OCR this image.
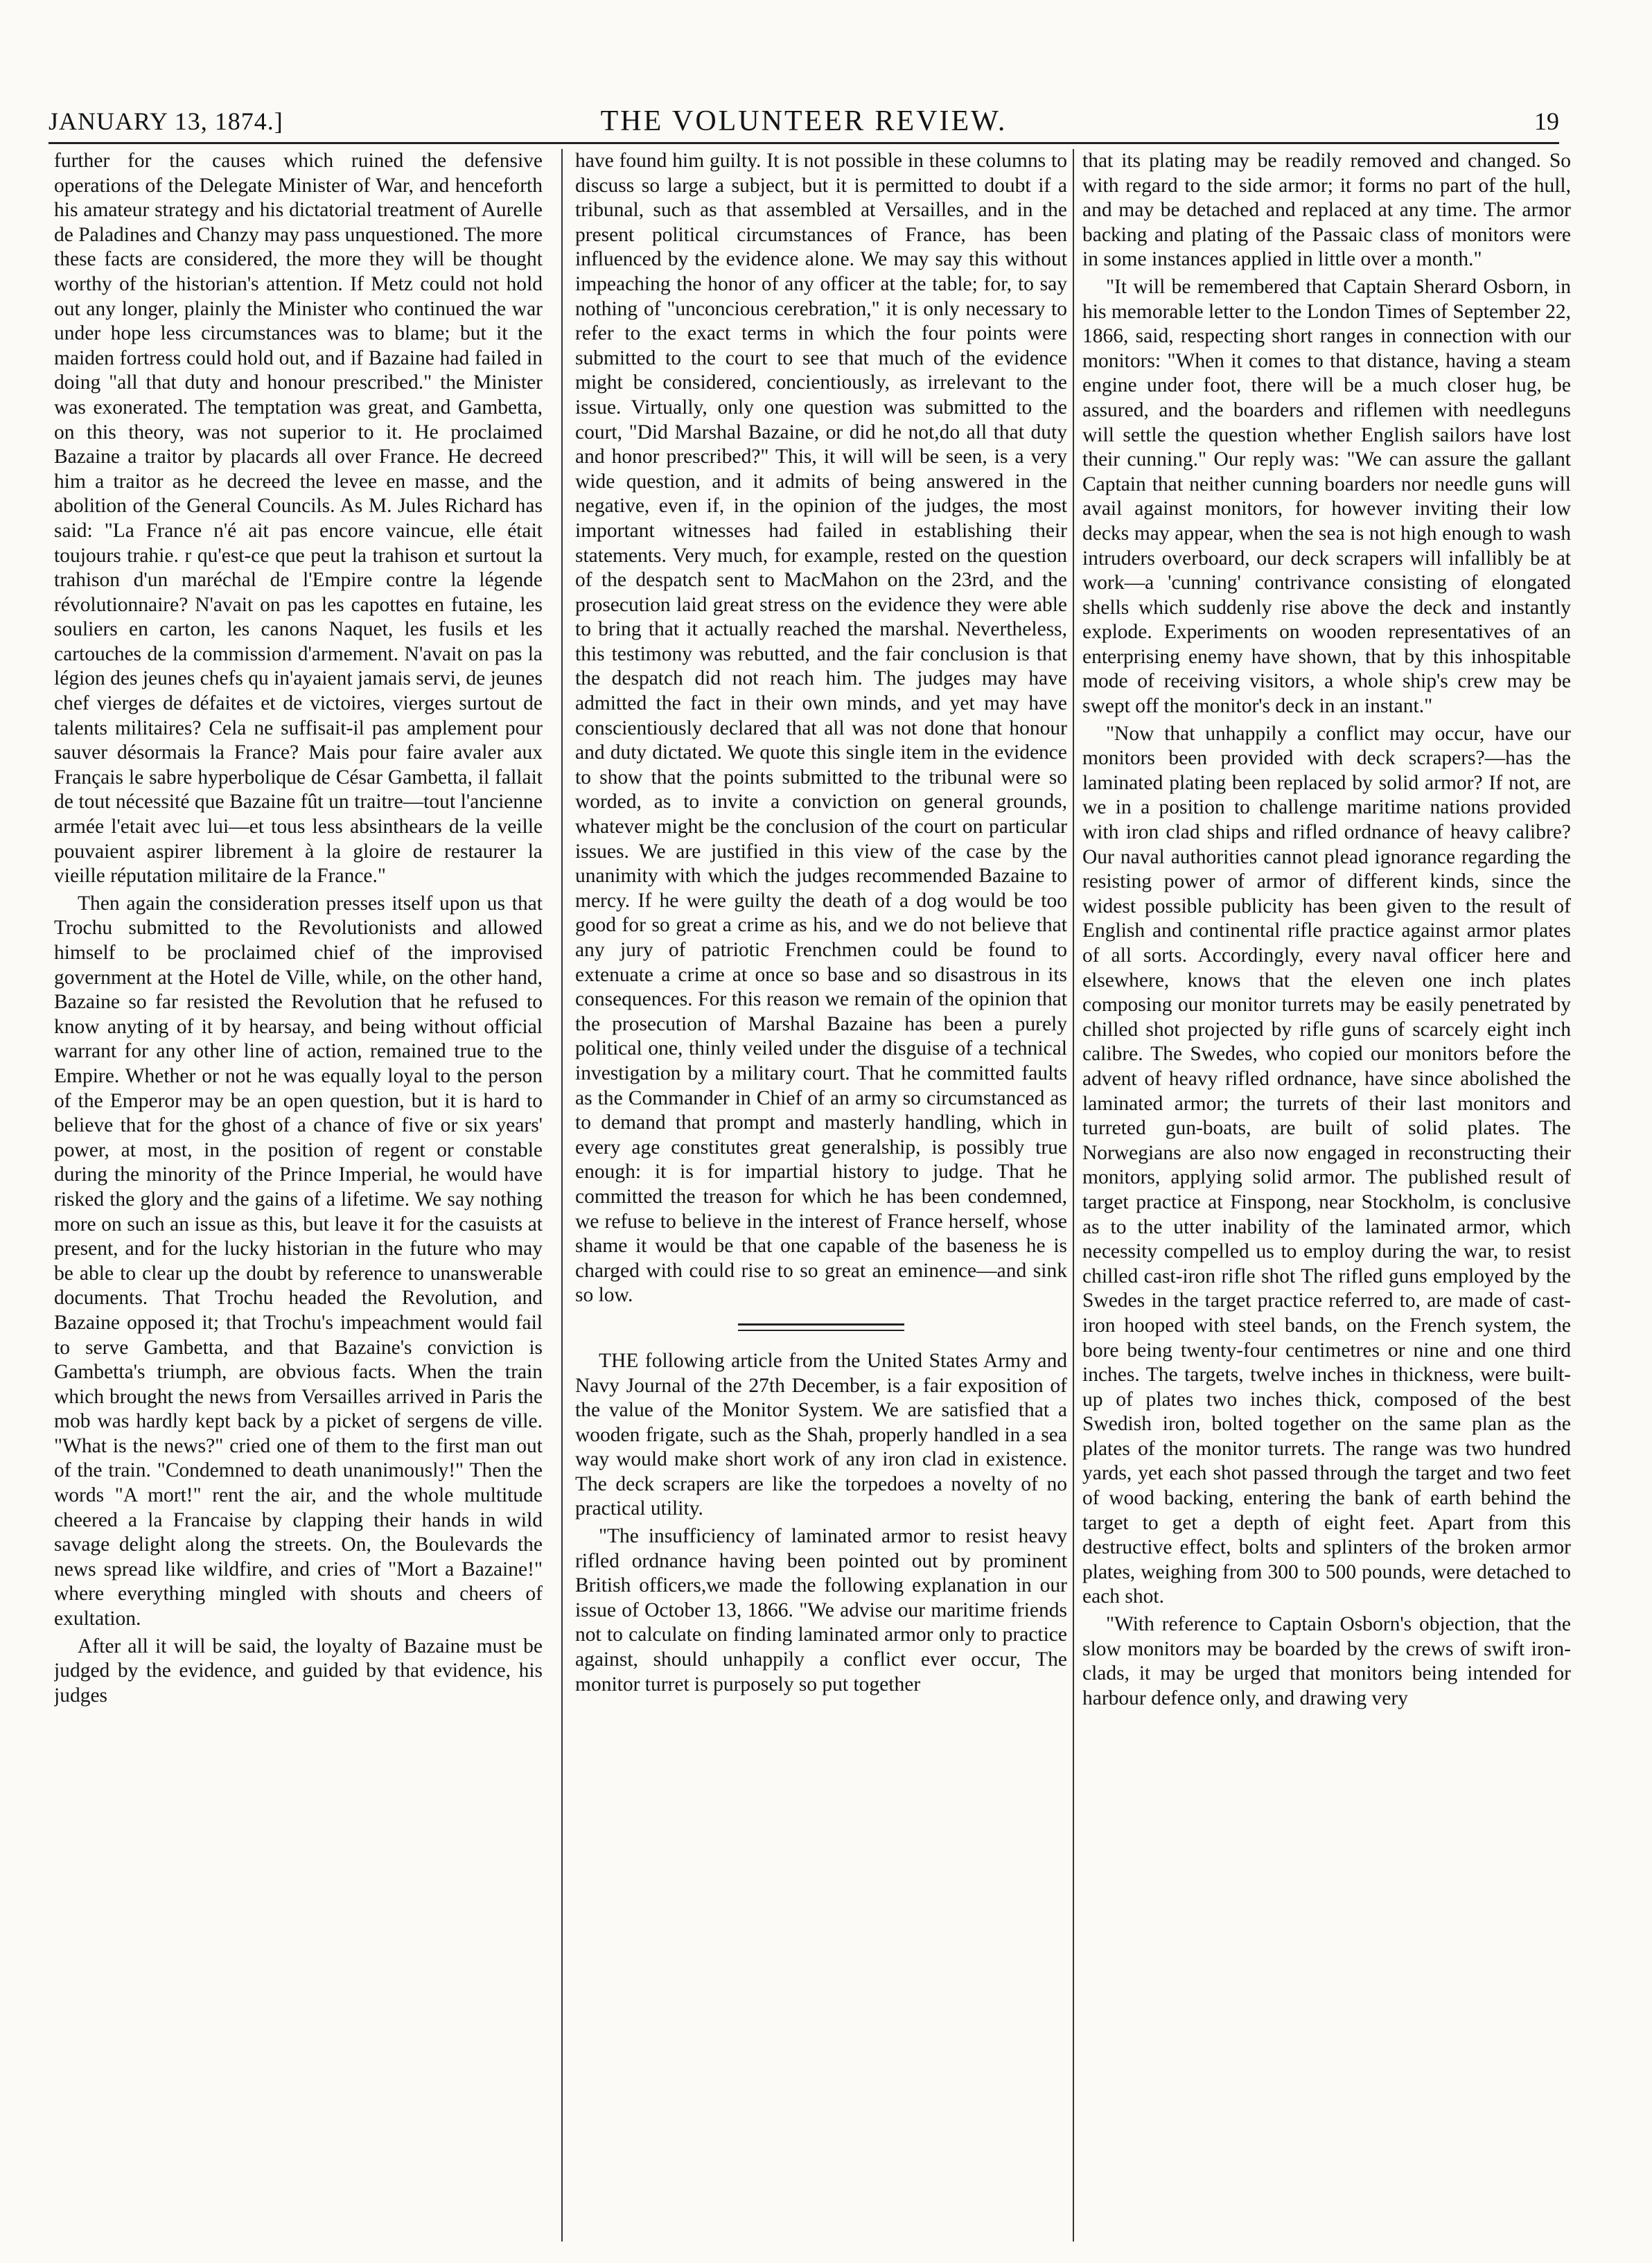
JANUARY 13, 1874.]	THE VOLUNTEER REVIEW.	19

further for the causes which ruined the defensive operations of the Delegate Minister of War, and henceforth his amateur strategy and his dictatorial treatment of Aurelle de Paladines and Chanzy may pass unquestioned. The more these facts are considered, the more they will be thought worthy of the historian's attention. If Metz could not hold out any longer, plainly the Minister who continued the war under hope less circumstances was to blame; but it the maiden fortress could hold out, and if Bazaine had failed in doing "all that duty and honour prescribed." the Minister was exonerated. The temptation was great, and Gambetta, on this theory, was not superior to it. He proclaimed Bazaine a traitor by placards all over France. He decreed him a traitor as he decreed the levee en masse, and the abolition of the General Councils. As M. Jules Richard has said: "La France n'é ait pas encore vaincue, elle était toujours trahie. r qu'est-ce que peut la trahison et surtout la trahison d'un maréchal de l'Empire contre la légende révolutionnaire? N'avait on pas les capottes en futaine, les souliers en carton, les canons Naquet, les fusils et les cartouches de la commission d'armement. N'avait on pas la légion des jeunes chefs qu in'ayaient jamais servi, de jeunes chef vierges de défaites et de victoires, vierges surtout de talents militaires? Cela ne suffisait-il pas amplement pour sauver désormais la France? Mais pour faire avaler aux Français le sabre hyperbolique de César Gambetta, il fallait de tout nécessité que Bazaine fût un traitre—tout l'ancienne armée l'etait avec lui—et tous less absinthears de la veille pouvaient aspirer librement à la gloire de restaurer la vieille réputation militaire de la France."

Then again the consideration presses itself upon us that Trochu submitted to the Revolutionists and allowed himself to be proclaimed chief of the improvised government at the Hotel de Ville, while, on the other hand, Bazaine so far resisted the Revolution that he refused to know anyting of it by hearsay, and being without official warrant for any other line of action, remained true to the Empire. Whether or not he was equally loyal to the person of the Emperor may be an open question, but it is hard to believe that for the ghost of a chance of five or six years' power, at most, in the position of regent or constable during the minority of the Prince Imperial, he would have risked the glory and the gains of a lifetime. We say nothing more on such an issue as this, but leave it for the casuists at present, and for the lucky historian in the future who may be able to clear up the doubt by reference to unanswerable documents. That Trochu headed the Revolution, and Bazaine opposed it; that Trochu's impeachment would fail to serve Gambetta, and that Bazaine's conviction is Gambetta's triumph, are obvious facts. When the train which brought the news from Versailles arrived in Paris the mob was hardly kept back by a picket of sergens de ville. "What is the news?" cried one of them to the first man out of the train. "Condemned to death unanimously!" Then the words "A mort!" rent the air, and the whole multitude cheered a la Francaise by clapping their hands in wild savage delight along the streets. On, the Boulevards the news spread like wildfire, and cries of "Mort a Bazaine!" where everything mingled with shouts and cheers of exultation.

After all it will be said, the loyalty of Bazaine must be judged by the evidence, and guided by that evidence, his judges

have found him guilty. It is not possible in these columns to discuss so large a subject, but it is permitted to doubt if a tribunal, such as that assembled at Versailles, and in the present political circumstances of France, has been influenced by the evidence alone. We may say this without impeaching the honor of any officer at the table; for, to say nothing of "unconcious cerebration," it is only necessary to refer to the exact terms in which the four points were submitted to the court to see that much of the evidence might be considered, concientiously, as irrelevant to the issue. Virtually, only one question was submitted to the court, "Did Marshal Bazaine, or did he not,do all that duty and honor prescribed?" This, it will will be seen, is a very wide question, and it admits of being answered in the negative, even if, in the opinion of the judges, the most important witnesses had failed in establishing their statements. Very much, for example, rested on the question of the despatch sent to MacMahon on the 23rd, and the prosecution laid great stress on the evidence they were able to bring that it actually reached the marshal. Nevertheless, this testimony was rebutted, and the fair conclusion is that the despatch did not reach him. The judges may have admitted the fact in their own minds, and yet may have conscientiously declared that all was not done that honour and duty dictated. We quote this single item in the evidence to show that the points submitted to the tribunal were so worded, as to invite a conviction on general grounds, whatever might be the conclusion of the court on particular issues. We are justified in this view of the case by the unanimity with which the judges recommended Bazaine to mercy. If he were guilty the death of a dog would be too good for so great a crime as his, and we do not believe that any jury of patriotic Frenchmen could be found to extenuate a crime at once so base and so disastrous in its consequences. For this reason we remain of the opinion that the prosecution of Marshal Bazaine has been a purely political one, thinly veiled under the disguise of a technical investigation by a military court. That he committed faults as the Commander in Chief of an army so circumstanced as to demand that prompt and masterly handling, which in every age constitutes great generalship, is possibly true enough: it is for impartial history to judge. That he committed the treason for which he has been condemned, we refuse to believe in the interest of France herself, whose shame it would be that one capable of the baseness he is charged with could rise to so great an eminence—and sink so low.

THE following article from the United States Army and Navy Journal of the 27th December, is a fair exposition of the value of the Monitor System. We are satisfied that a wooden frigate, such as the Shah, properly handled in a sea way would make short work of any iron clad in existence. The deck scrapers are like the torpedoes a novelty of no practical utility.

"The insufficiency of laminated armor to resist heavy rifled ordnance having been pointed out by prominent British officers,we made the following explanation in our issue of October 13, 1866. "We advise our maritime friends not to calculate on finding laminated armor only to practice against, should unhappily a conflict ever occur, The monitor turret is purposely so put together

that its plating may be readily removed and changed. So with regard to the side armor; it forms no part of the hull, and may be detached and replaced at any time. The armor backing and plating of the Passaic class of monitors were in some instances applied in little over a month."

"It will be remembered that Captain Sherard Osborn, in his memorable letter to the London Times of September 22, 1866, said, respecting short ranges in connection with our monitors: "When it comes to that distance, having a steam engine under foot, there will be a much closer hug, be assured, and the boarders and riflemen with needleguns will settle the question whether English sailors have lost their cunning." Our reply was: "We can assure the gallant Captain that neither cunning boarders nor needle guns will avail against monitors, for however inviting their low decks may appear, when the sea is not high enough to wash intruders overboard, our deck scrapers will infallibly be at work—a 'cunning' contrivance consisting of elongated shells which suddenly rise above the deck and instantly explode. Experiments on wooden representatives of an enterprising enemy have shown, that by this inhospitable mode of receiving visitors, a whole ship's crew may be swept off the monitor's deck in an instant."

"Now that unhappily a conflict may occur, have our monitors been provided with deck scrapers?—has the laminated plating been replaced by solid armor? If not, are we in a position to challenge maritime nations provided with iron clad ships and rifled ordnance of heavy calibre? Our naval authorities cannot plead ignorance regarding the resisting power of armor of different kinds, since the widest possible publicity has been given to the result of English and continental rifle practice against armor plates of all sorts. Accordingly, every naval officer here and elsewhere, knows that the eleven one inch plates composing our monitor turrets may be easily penetrated by chilled shot projected by rifle guns of scarcely eight inch calibre. The Swedes, who copied our monitors before the advent of heavy rifled ordnance, have since abolished the laminated armor; the turrets of their last monitors and turreted gun-boats, are built of solid plates. The Norwegians are also now engaged in reconstructing their monitors, applying solid armor. The published result of target practice at Finspong, near Stockholm, is conclusive as to the utter inability of the laminated armor, which necessity compelled us to employ during the war, to resist chilled cast-iron rifle shot The rifled guns employed by the Swedes in the target practice referred to, are made of cast-iron hooped with steel bands, on the French system, the bore being twenty-four centimetres or nine and one third inches. The targets, twelve inches in thickness, were built-up of plates two inches thick, composed of the best Swedish iron, bolted together on the same plan as the plates of the monitor turrets. The range was two hundred yards, yet each shot passed through the target and two feet of wood backing, entering the bank of earth behind the target to get a depth of eight feet. Apart from this destructive effect, bolts and splinters of the broken armor plates, weighing from 300 to 500 pounds, were detached to each shot.

"With reference to Captain Osborn's objection, that the slow monitors may be boarded by the crews of swift iron-clads, it may be urged that monitors being intended for harbour defence only, and drawing very
